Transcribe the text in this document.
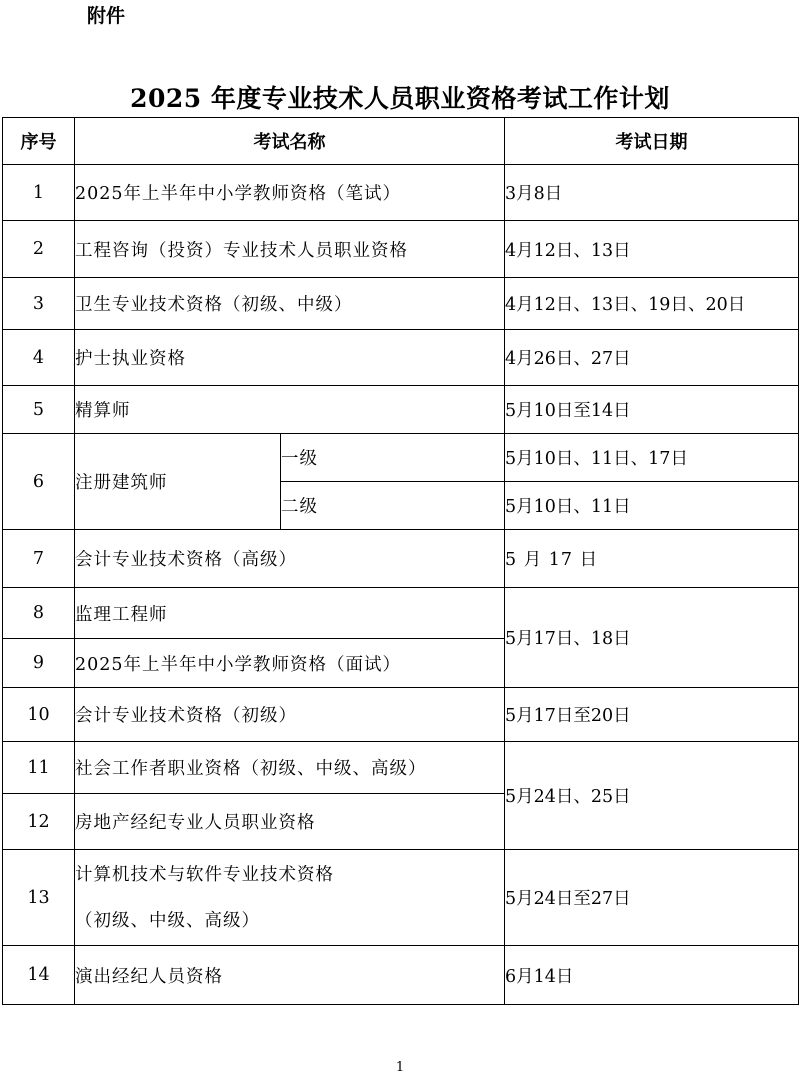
附件
2025 年度专业技术人员职业资格考试工作计划
序号	考试名称		考试日期
1	2025年上半年中小学教师资格（笔试）		3月8日
2	工程咨询（投资）专业技术人员职业资格		4月12日、13日
3	卫生专业技术资格（初级、中级）		4月12日、13日、19日、20日
4	护士执业资格		4月26日、27日
5	精算师		5月10日至14日
6	注册建筑师	一级	5月10日、11日、17日
		二级	5月10日、11日
7	会计专业技术资格（高级）		5 月 17 日
8	监理工程师		5月17日、18日
9	2025年上半年中小学教师资格（面试）		
10	会计专业技术资格（初级）		5月17日至20日
11	社会工作者职业资格（初级、中级、高级）		5月24日、25日
12	房地产经纪专业人员职业资格		
13	计算机技术与软件专业技术资格
（初级、中级、高级）		5月24日至27日
14	演出经纪人员资格		6月14日
1
